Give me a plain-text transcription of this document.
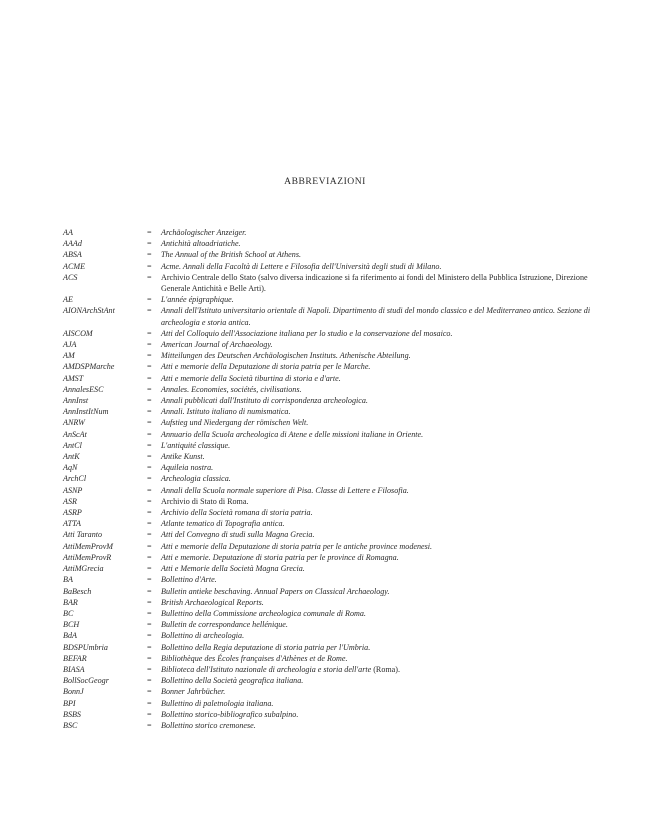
ABBREVIAZIONI
AA	=	Archäologischer Anzeiger.
AAAd	=	Antichità altoadriatiche.
ABSA	=	The Annual of the British School at Athens.
ACME	=	Acme. Annali della Facoltà di Lettere e Filosofia dell'Università degli studi di Milano.
ACS	=	Archivio Centrale dello Stato (salvo diversa indicazione si fa riferimento ai fondi del Ministero della Pubblica Istruzione, Direzione Generale Antichità e Belle Arti).
AE	=	L'année épigraphique.
AIONArchStAnt	=	Annali dell'Istituto universitario orientale di Napoli. Dipartimento di studi del mondo classico e del Mediterraneo antico. Sezione di archeologia e storia antica.
AISCOM	=	Atti del Colloquio dell'Associazione italiana per lo studio e la conservazione del mosaico.
AJA	=	American Journal of Archaeology.
AM	=	Mitteilungen des Deutschen Archäologischen Instituts. Athenische Abteilung.
AMDSPMarche	=	Atti e memorie della Deputazione di storia patria per le Marche.
AMST	=	Atti e memorie della Società tiburtina di storia e d'arte.
AnnalesESC	=	Annales. Economies, sociétés, civilisations.
AnnInst	=	Annali pubblicati dall'Instituto di corrispondenza archeologica.
AnnInstItNum	=	Annali. Istituto italiano di numismatica.
ANRW	=	Aufstieg und Niedergang der römischen Welt.
AnScAt	=	Annuario della Scuola archeologica di Atene e delle missioni italiane in Oriente.
AntCl	=	L'antiquité classique.
AntK	=	Antike Kunst.
AqN	=	Aquileia nostra.
ArchCl	=	Archeologia classica.
ASNP	=	Annali della Scuola normale superiore di Pisa. Classe di Lettere e Filosofia.
ASR	=	Archivio di Stato di Roma.
ASRP	=	Archivio della Società romana di storia patria.
ATTA	=	Atlante tematico di Topografia antica.
Atti Taranto	=	Atti del Convegno di studi sulla Magna Grecia.
AttiMemProvM	=	Atti e memorie della Deputazione di storia patria per le antiche province modenesi.
AttiMemProvR	=	Atti e memorie. Deputazione di storia patria per le province di Romagna.
AttiMGrecia	=	Atti e Memorie della Società Magna Grecia.
BA	=	Bollettino d'Arte.
BaBesch	=	Bulletin antieke beschaving. Annual Papers on Classical Archaeology.
BAR	=	British Archaeological Reports.
BC	=	Bullettino della Commissione archeologica comunale di Roma.
BCH	=	Bulletin de correspondance hellénique.
BdA	=	Bollettino di archeologia.
BDSPUmbria	=	Bollettino della Regia deputazione di storia patria per l'Umbria.
BEFAR	=	Bibliothèque des Écoles françaises d'Athènes et de Rome.
BIASA	=	Biblioteca dell'Istituto nazionale di archeologia e storia dell'arte (Roma).
BollSocGeogr	=	Bollettino della Società geografica italiana.
BonnJ	=	Bonner Jahrbücher.
BPI	=	Bullettino di paletnologia italiana.
BSBS	=	Bollettino storico-bibliografico subalpino.
BSC	=	Bollettino storico cremonese.
